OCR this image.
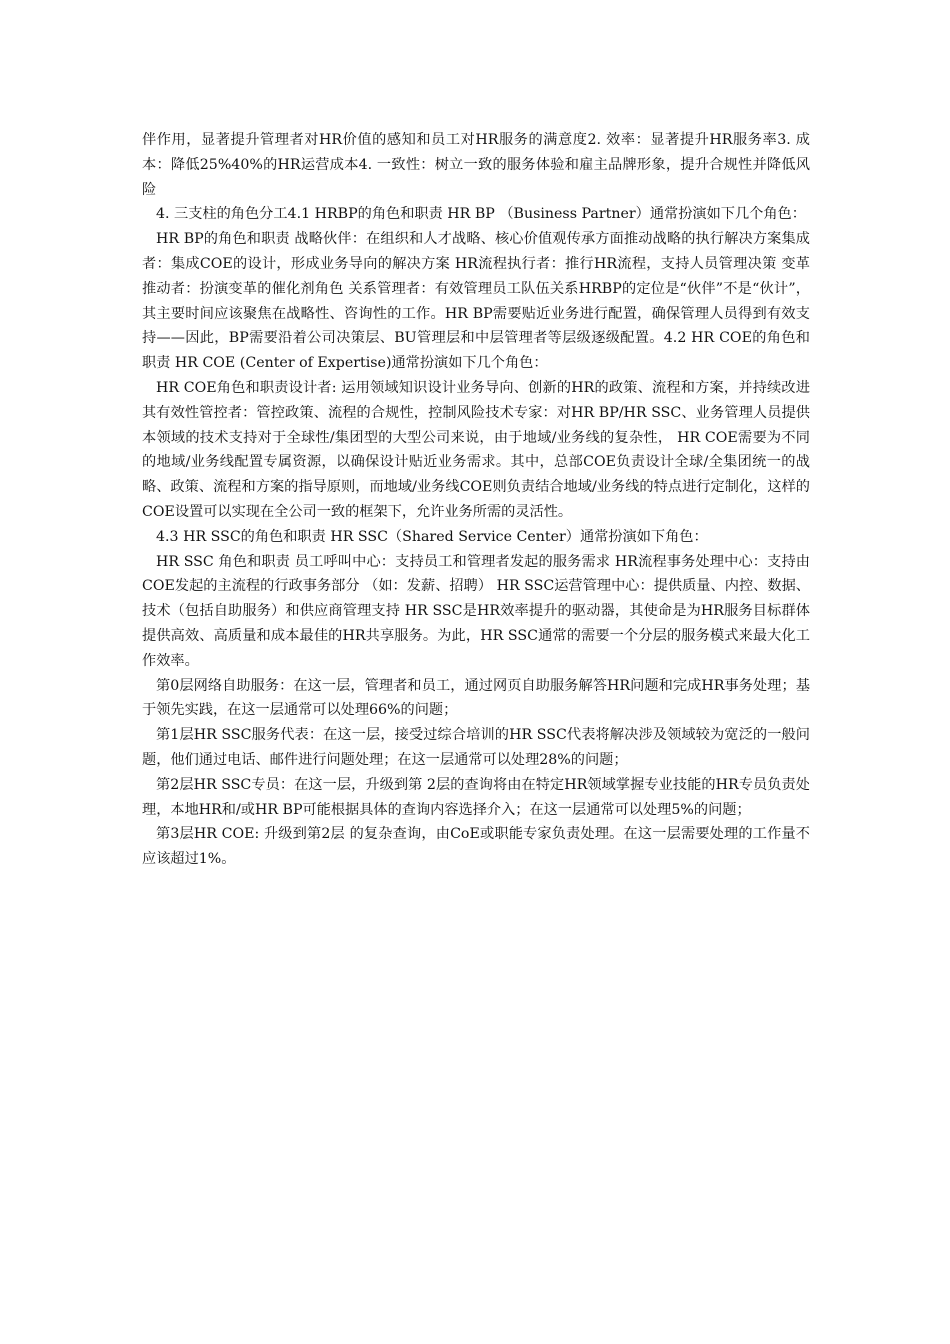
伴作用，显著提升管理者对HR价值的感知和员工对HR服务的满意度2. 效率：显著提升HR服务率3. 成本：降低25%40%的HR运营成本4. 一致性：树立一致的服务体验和雇主品牌形象，提升合规性并降低风险

4. 三支柱的角色分工4.1 HRBP的角色和职责 HR BP （Business Partner）通常扮演如下几个角色：

HR BP的角色和职责 战略伙伴：在组织和人才战略、核心价值观传承方面推动战略的执行解决方案集成者：集成COE的设计，形成业务导向的解决方案 HR流程执行者：推行HR流程，支持人员管理决策 变革推动者：扮演变革的催化剂角色 关系管理者：有效管理员工队伍关系HRBP的定位是“伙伴”不是“伙计”，其主要时间应该聚焦在战略性、咨询性的工作。HR BP需要贴近业务进行配置，确保管理人员得到有效支持——因此，BP需要沿着公司决策层、BU管理层和中层管理者等层级逐级配置。4.2 HR COE的角色和职责 HR COE (Center of Expertise)通常扮演如下几个角色：

HR COE角色和职责设计者: 运用领域知识设计业务导向、创新的HR的政策、流程和方案，并持续改进其有效性管控者：管控政策、流程的合规性，控制风险技术专家：对HR BP/HR SSC、业务管理人员提供本领域的技术支持对于全球性/集团型的大型公司来说，由于地域/业务线的复杂性， HR COE需要为不同的地域/业务线配置专属资源，以确保设计贴近业务需求。其中，总部COE负责设计全球/全集团统一的战略、政策、流程和方案的指导原则，而地域/业务线COE则负责结合地域/业务线的特点进行定制化，这样的COE设置可以实现在全公司一致的框架下，允许业务所需的灵活性。

4.3 HR SSC的角色和职责 HR SSC（Shared Service Center）通常扮演如下角色：

HR SSC 角色和职责 员工呼叫中心：支持员工和管理者发起的服务需求 HR流程事务处理中心：支持由COE发起的主流程的行政事务部分 （如：发薪、招聘） HR SSC运营管理中心：提供质量、内控、数据、技术（包括自助服务）和供应商管理支持 HR SSC是HR效率提升的驱动器，其使命是为HR服务目标群体提供高效、高质量和成本最佳的HR共享服务。为此，HR SSC通常的需要一个分层的服务模式来最大化工作效率。

第0层网络自助服务：在这一层，管理者和员工，通过网页自助服务解答HR问题和完成HR事务处理；基于领先实践，在这一层通常可以处理66%的问题；

第1层HR SSC服务代表：在这一层，接受过综合培训的HR SSC代表将解决涉及领域较为宽泛的一般问题，他们通过电话、邮件进行问题处理；在这一层通常可以处理28%的问题；

第2层HR SSC专员：在这一层，升级到第 2层的查询将由在特定HR领域掌握专业技能的HR专员负责处理，本地HR和/或HR BP可能根据具体的查询内容选择介入；在这一层通常可以处理5%的问题；

第3层HR COE: 升级到第2层 的复杂查询，由CoE或职能专家负责处理。在这一层需要处理的工作量不应该超过1%。
